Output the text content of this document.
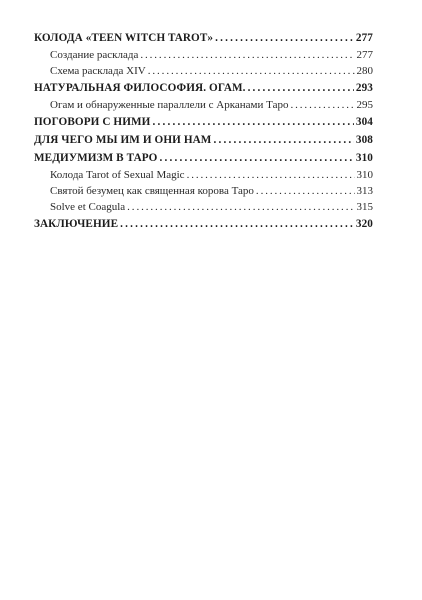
КОЛОДА «TEEN WITCH TAROT» .....	277
Создание расклада .....	277
Схема расклада XIV .....	280
НАТУРАЛЬНАЯ ФИЛОСОФИЯ. ОГАМ. .....	293
Огам и обнаруженные параллели с Арканами Таро .....	295
ПОГОВОРИ С НИМИ .....	304
ДЛЯ ЧЕГО МЫ ИМ И ОНИ НАМ .....	308
МЕДИУМИЗМ В ТАРО .....	310
Колода Tarot of Sexual Magic .....	310
Святой безумец как священная корова Таро .....	313
Solve et Coagula .....	315
ЗАКЛЮЧЕНИЕ .....	320
